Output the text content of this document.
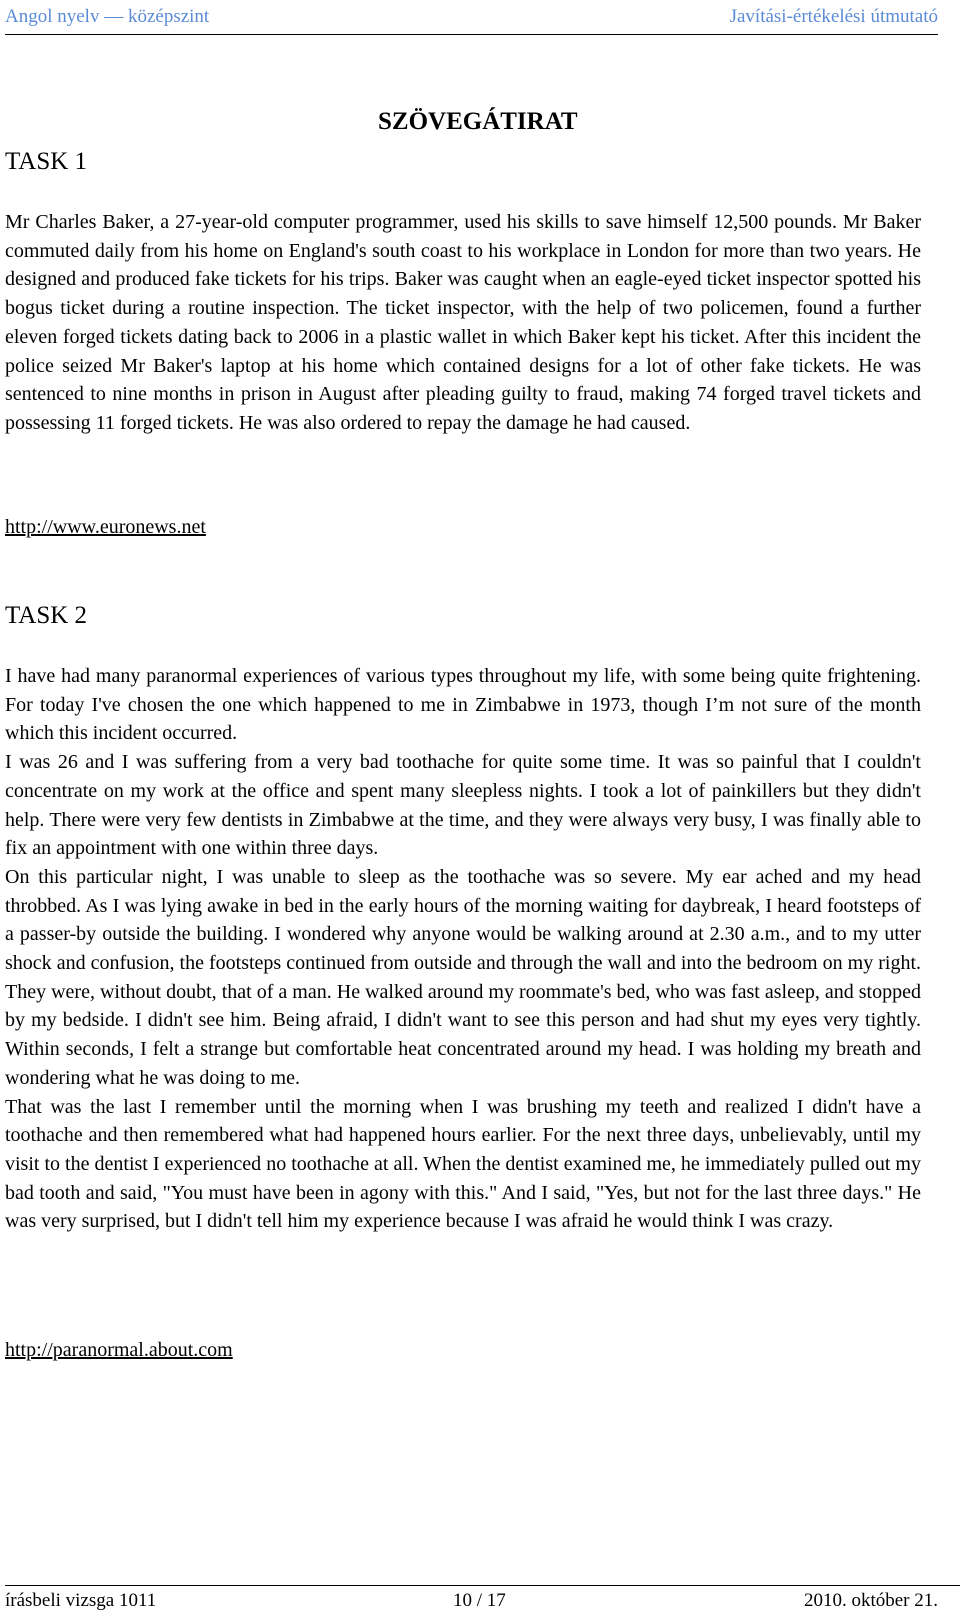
Angol nyelv — középszint	Javítási-értékelési útmutató
SZÖVEGÁTIRAT
TASK 1

Mr Charles Baker, a 27-year-old computer programmer, used his skills to save himself 12,500 pounds. Mr Baker commuted daily from his home on England's south coast to his workplace in London for more than two years. He designed and produced fake tickets for his trips. Baker was caught when an eagle-eyed ticket inspector spotted his bogus ticket during a routine inspection. The ticket inspector, with the help of two policemen, found a further eleven forged tickets dating back to 2006 in a plastic wallet in which Baker kept his ticket. After this incident the police seized Mr Baker's laptop at his home which contained designs for a lot of other fake tickets. He was sentenced to nine months in prison in August after pleading guilty to fraud, making 74 forged travel tickets and possessing 11 forged tickets. He was also ordered to repay the damage he had caused.

http://www.euronews.net
TASK 2

I have had many paranormal experiences of various types throughout my life, with some being quite frightening. For today I've chosen the one which happened to me in Zimbabwe in 1973, though I’m not sure of the month which this incident occurred.

I was 26 and I was suffering from a very bad toothache for quite some time. It was so painful that I couldn't concentrate on my work at the office and spent many sleepless nights. I took a lot of painkillers but they didn't help. There were very few dentists in Zimbabwe at the time, and they were always very busy, I was finally able to fix an appointment with one within three days.

On this particular night, I was unable to sleep as the toothache was so severe. My ear ached and my head throbbed. As I was lying awake in bed in the early hours of the morning waiting for daybreak, I heard footsteps of a passer-by outside the building. I wondered why anyone would be walking around at 2.30 a.m., and to my utter shock and confusion, the footsteps continued from outside and through the wall and into the bedroom on my right. They were, without doubt, that of a man. He walked around my roommate's bed, who was fast asleep, and stopped by my bedside. I didn't see him. Being afraid, I didn't want to see this person and had shut my eyes very tightly. Within seconds, I felt a strange but comfortable heat concentrated around my head. I was holding my breath and wondering what he was doing to me.

That was the last I remember until the morning when I was brushing my teeth and realized I didn't have a toothache and then remembered what had happened hours earlier. For the next three days, unbelievably, until my visit to the dentist I experienced no toothache at all. When the dentist examined me, he immediately pulled out my bad tooth and said, "You must have been in agony with this." And I said, "Yes, but not for the last three days." He was very surprised, but I didn't tell him my experience because I was afraid he would think I was crazy.

http://paranormal.about.com
írásbeli vizsga 1011	10 / 17	2010. október 21.
